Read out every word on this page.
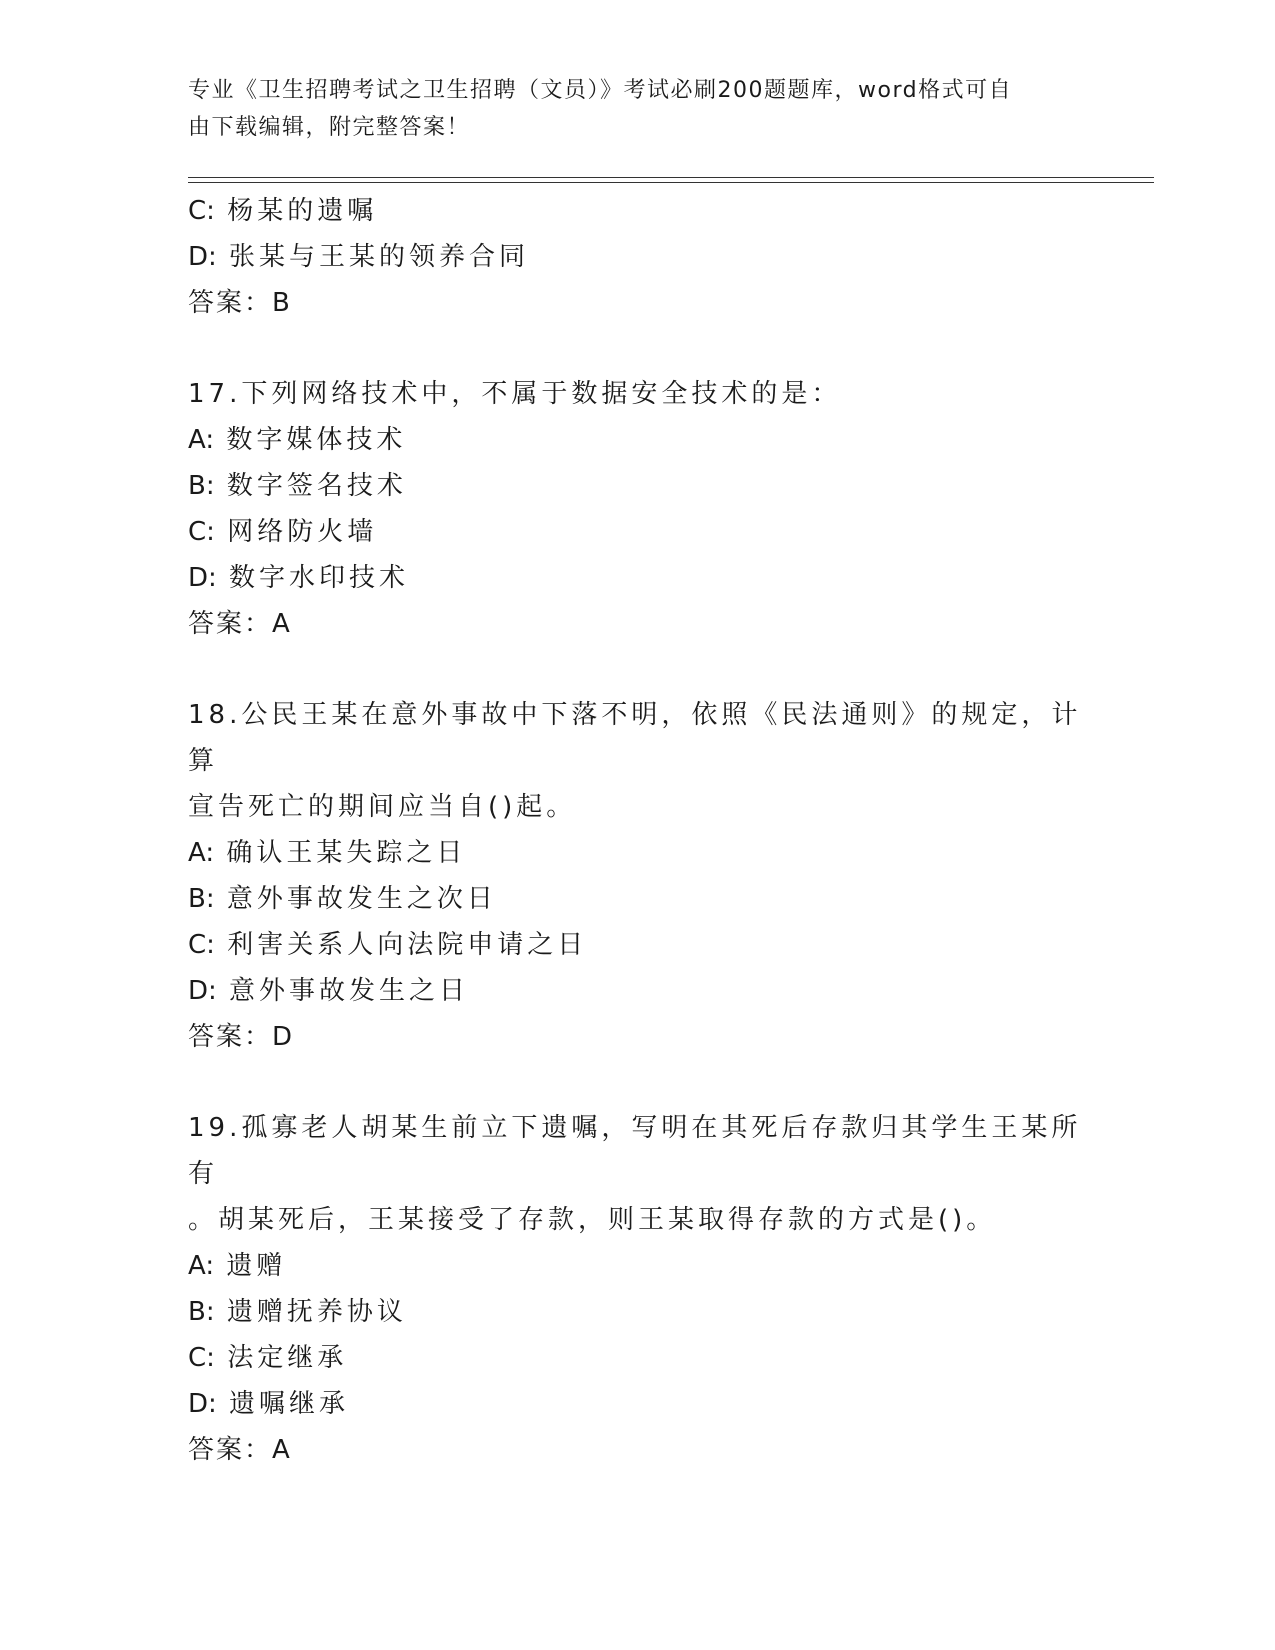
专业《卫生招聘考试之卫生招聘（文员）》考试必刷200题题库，word格式可自
由下载编辑，附完整答案！
C: 杨某的遗嘱
D: 张某与王某的领养合同
答案：B
17.下列网络技术中，不属于数据安全技术的是：
A: 数字媒体技术
B: 数字签名技术
C: 网络防火墙
D: 数字水印技术
答案：A
18.公民王某在意外事故中下落不明，依照《民法通则》的规定，计算
宣告死亡的期间应当自()起。
A: 确认王某失踪之日
B: 意外事故发生之次日
C: 利害关系人向法院申请之日
D: 意外事故发生之日
答案：D
19.孤寡老人胡某生前立下遗嘱，写明在其死后存款归其学生王某所有
。胡某死后，王某接受了存款，则王某取得存款的方式是()。
A: 遗赠
B: 遗赠抚养协议
C: 法定继承
D: 遗嘱继承
答案：A
